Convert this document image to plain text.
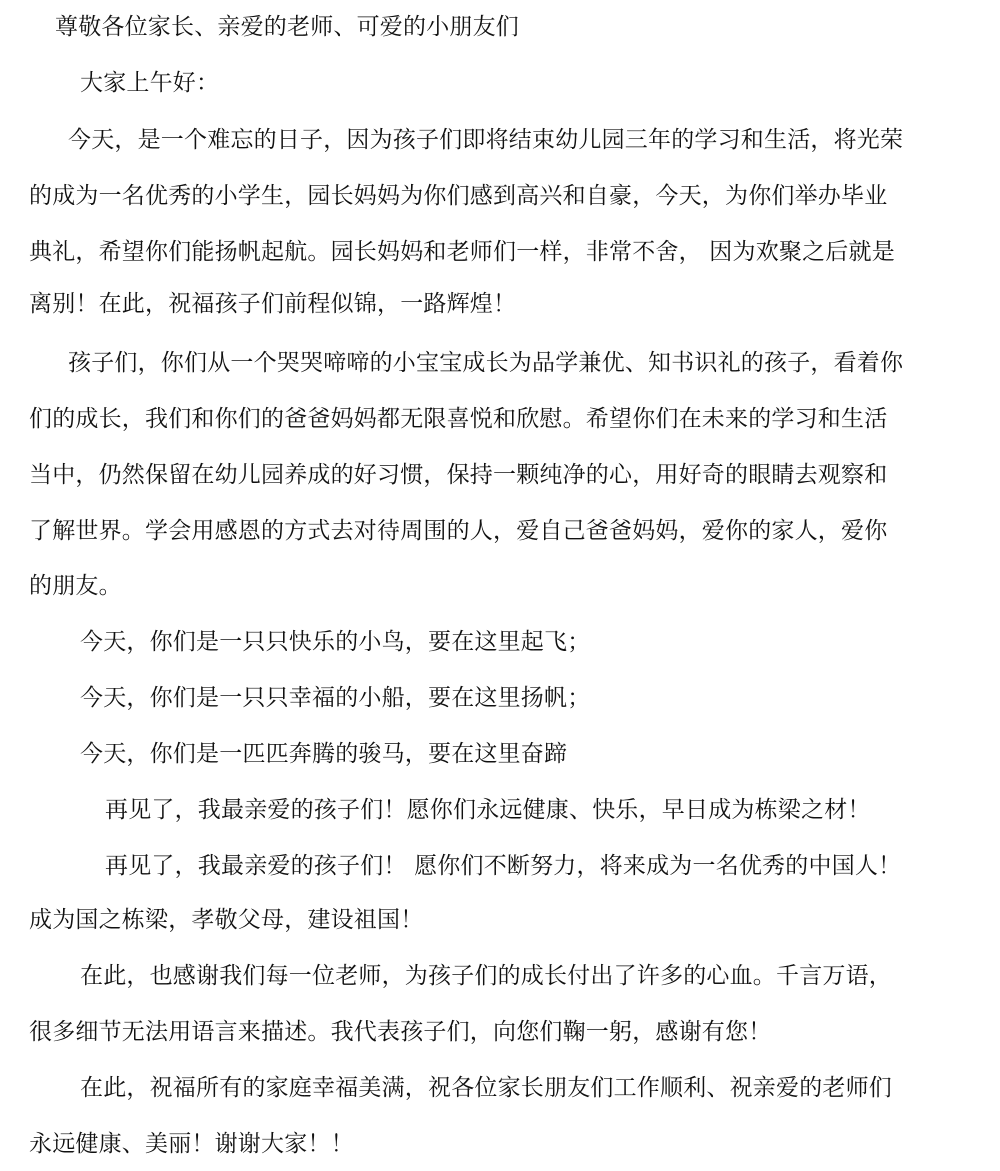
尊敬各位家长、亲爱的老师、可爱的小朋友们
大家上午好：
今天，是一个难忘的日子，因为孩子们即将结束幼儿园三年的学习和生活，将光荣
的成为一名优秀的小学生，园长妈妈为你们感到高兴和自豪，今天，为你们举办毕业
典礼，希望你们能扬帆起航。园长妈妈和老师们一样，非常不舍， 因为欢聚之后就是
离别！在此，祝福孩子们前程似锦，一路辉煌！
孩子们，你们从一个哭哭啼啼的小宝宝成长为品学兼优、知书识礼的孩子，看着你
们的成长，我们和你们的爸爸妈妈都无限喜悦和欣慰。希望你们在未来的学习和生活
当中，仍然保留在幼儿园养成的好习惯，保持一颗纯净的心，用好奇的眼睛去观察和
了解世界。学会用感恩的方式去对待周围的人，爱自己爸爸妈妈，爱你的家人，爱你
的朋友。
今天，你们是一只只快乐的小鸟，要在这里起飞；
今天，你们是一只只幸福的小船，要在这里扬帆；
今天，你们是一匹匹奔腾的骏马，要在这里奋蹄
再见了，我最亲爱的孩子们！愿你们永远健康、快乐，早日成为栋梁之材！
再见了，我最亲爱的孩子们！ 愿你们不断努力，将来成为一名优秀的中国人！
成为国之栋梁，孝敬父母，建设祖国！
在此，也感谢我们每一位老师，为孩子们的成长付出了许多的心血。千言万语，
很多细节无法用语言来描述。我代表孩子们，向您们鞠一躬，感谢有您！
在此，祝福所有的家庭幸福美满，祝各位家长朋友们工作顺利、祝亲爱的老师们
永远健康、美丽！谢谢大家！！
